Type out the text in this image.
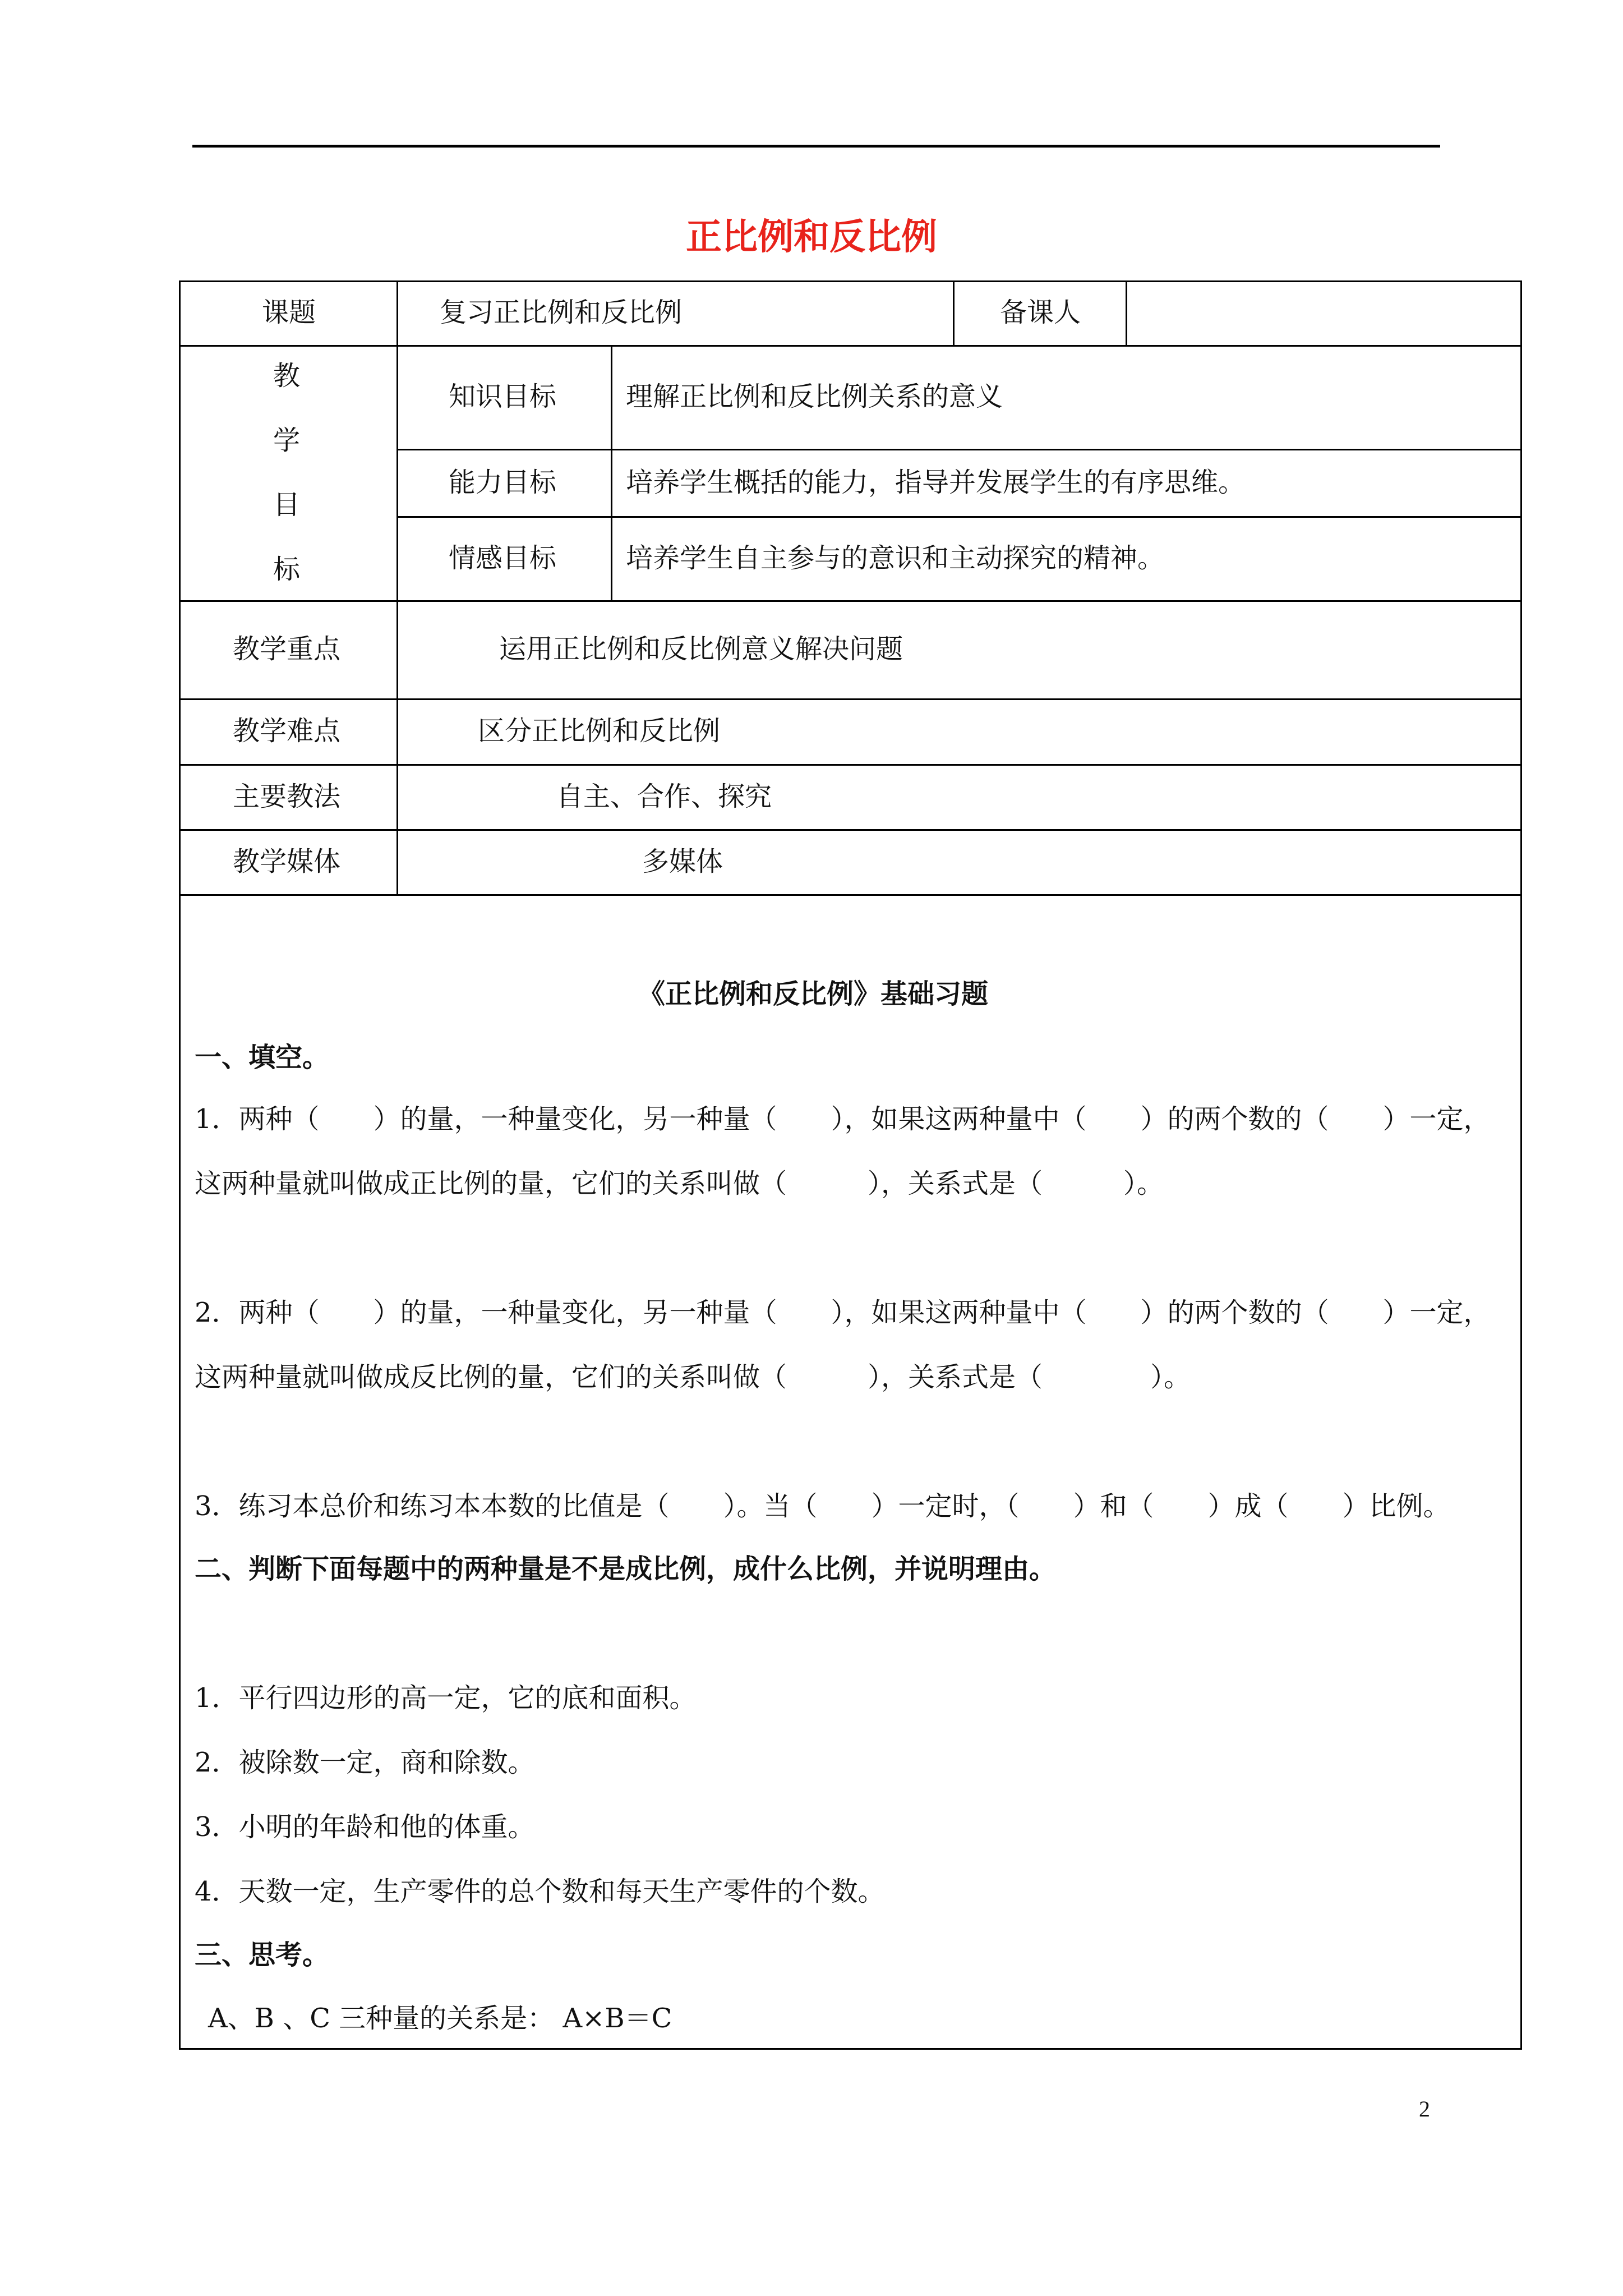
正比例和反比例
课题	复习正比例和反比例	备课人
教
学
目
标
知识目标	理解正比例和反比例关系的意义
能力目标	培养学生概括的能力，指导并发展学生的有序思维。
情感目标	培养学生自主参与的意识和主动探究的精神。
教学重点	运用正比例和反比例意义解决问题
教学难点	区分正比例和反比例
主要教法	自主、合作、探究
教学媒体	多媒体
《正比例和反比例》基础习题
一、填空。
1．两种（　　）的量，一种量变化，另一种量（　　），如果这两种量中（　　）的两个数的（　　）一定，
这两种量就叫做成正比例的量，它们的关系叫做（　　　），关系式是（　　　）。
2．两种（　　）的量，一种量变化，另一种量（　　），如果这两种量中（　　）的两个数的（　　）一定，
这两种量就叫做成反比例的量，它们的关系叫做（　　　），关系式是（　　　　）。
3．练习本总价和练习本本数的比值是（　　）。当（　　）一定时，（　　）和（　　）成（　　）比例。
二、判断下面每题中的两种量是不是成比例，成什么比例，并说明理由。
1．平行四边形的高一定，它的底和面积。
2．被除数一定，商和除数。
3．小明的年龄和他的体重。
4．天数一定，生产零件的总个数和每天生产零件的个数。
三、思考。
A、B 、C 三种量的关系是： A×B＝C
2
